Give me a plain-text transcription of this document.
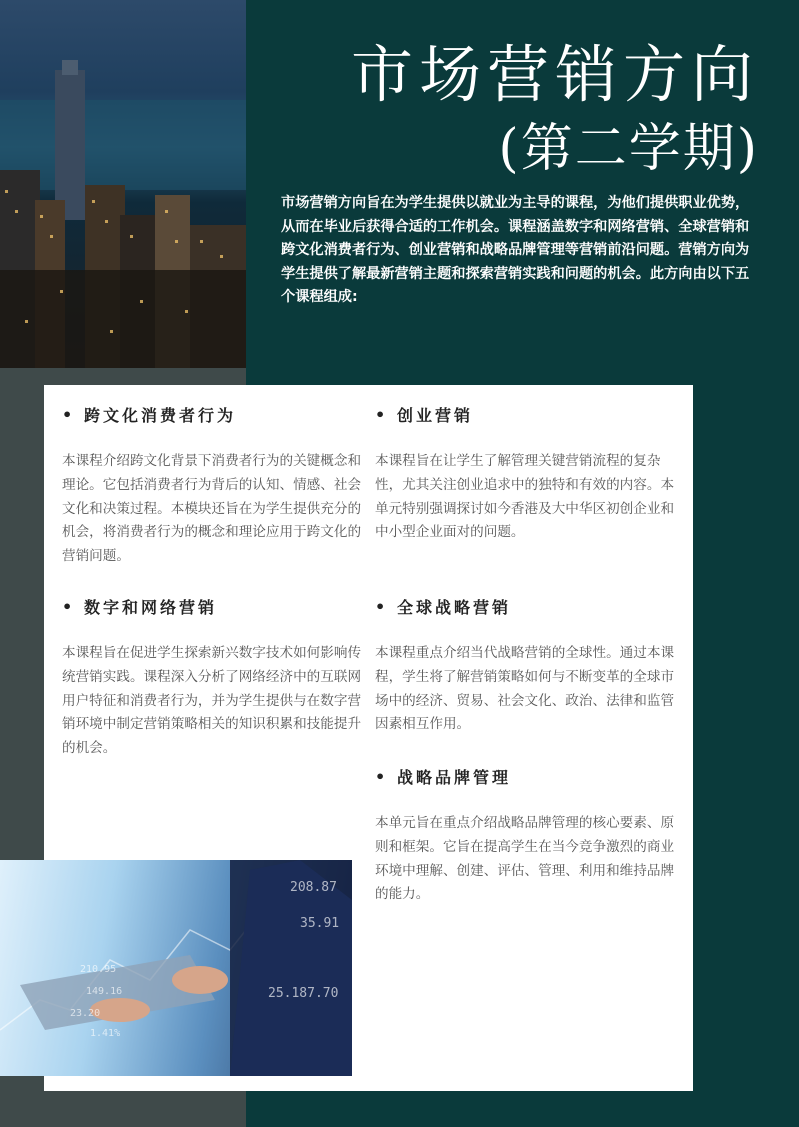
市场营销方向
(第二学期)
市场营销方向旨在为学生提供以就业为主导的课程，为他们提供职业优势，从而在毕业后获得合适的工作机会。课程涵盖数字和网络营销、全球营销和跨文化消费者行为、创业营销和战略品牌管理等营销前沿问题。营销方向为学生提供了解最新营销主题和探索营销实践和问题的机会。此方向由以下五个课程组成:
• 跨文化消费者行为
本课程介绍跨文化背景下消费者行为的关键概念和理论。它包括消费者行为背后的认知、情感、社会文化和决策过程。本模块还旨在为学生提供充分的机会，将消费者行为的概念和理论应用于跨文化的营销问题。
• 创业营销
本课程旨在让学生了解管理关键营销流程的复杂性，尤其关注创业追求中的独特和有效的内容。本单元特别强调探讨如今香港及大中华区初创企业和中小型企业面对的问题。
• 数字和网络营销
本课程旨在促进学生探索新兴数字技术如何影响传统营销实践。课程深入分析了网络经济中的互联网用户特征和消费者行为，并为学生提供与在数字营销环境中制定营销策略相关的知识积累和技能提升的机会。
• 全球战略营销
本课程重点介绍当代战略营销的全球性。通过本课程，学生将了解营销策略如何与不断变革的全球市场中的经济、贸易、社会文化、政治、法律和监管因素相互作用。
• 战略品牌管理
本单元旨在重点介绍战略品牌管理的核心要素、原则和框架。它旨在提高学生在当今竞争激烈的商业环境中理解、创建、评估、管理、利用和维持品牌的能力。
208.87
35.91
210.95
149.16	25.187.70
23.20
1.41%
